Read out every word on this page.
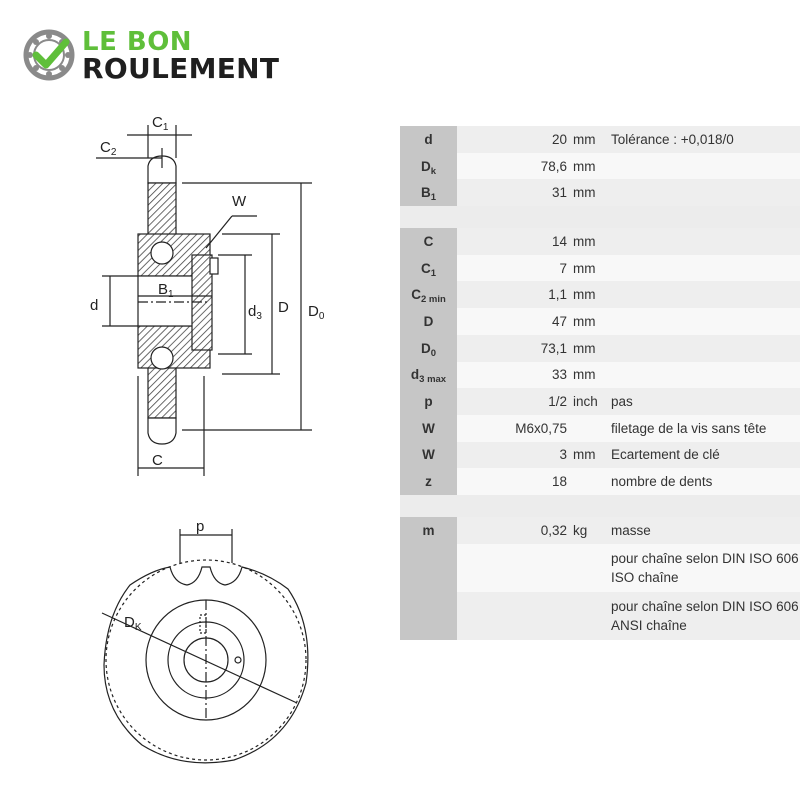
LE BON
ROULEMENT
$C_1$
$C_2$
W
d
$B_1$
$d_3$
D $D_0$
C
p
$D_K$
d	20	mm	Tolérance : +0,018/0
$D_k$	78,6	mm	
$B_1$	31	mm	

C	14	mm	
$C_1$	7	mm	
$C_{2 min}$	1,1	mm	
D	47	mm	
$D_0$	73,1	mm	
$d_{3 max}$	33	mm	
p	1/2	inch	pas
W	M6x0,75		filetage de la vis sans tête
W	3	mm	Ecartement de clé
z	18		nombre de dents

m	0,32	kg	masse
			pour chaîne selon DIN ISO 606
ISO chaîne
			pour chaîne selon DIN ISO 606
ANSI chaîne
